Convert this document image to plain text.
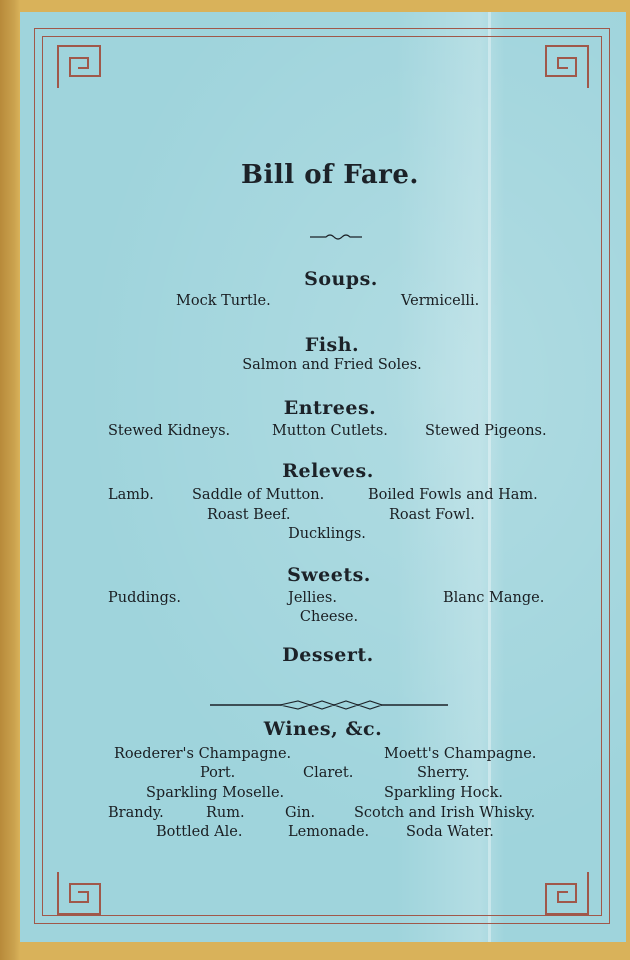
Bill of Fare.
Soups.
Mock Turtle.	Vermicelli.
Fish.
Salmon and Fried Soles.
Entrees.
Stewed Kidneys.	Mutton Cutlets.	Stewed Pigeons.
Releves.
Lamb.	Saddle of Mutton.	Boiled Fowls and Ham.
Roast Beef.	Roast Fowl.
Ducklings.
Sweets.
Puddings.	Jellies.	Blanc Mange.
Cheese.
Dessert.
Wines, &c.
Roederer's Champagne.	Moett's Champagne.
Port.	Claret.	Sherry.
Sparkling Moselle.	Sparkling Hock.
Brandy.	Rum.	Gin.	Scotch and Irish Whisky.
Bottled Ale.	Lemonade.	Soda Water.
